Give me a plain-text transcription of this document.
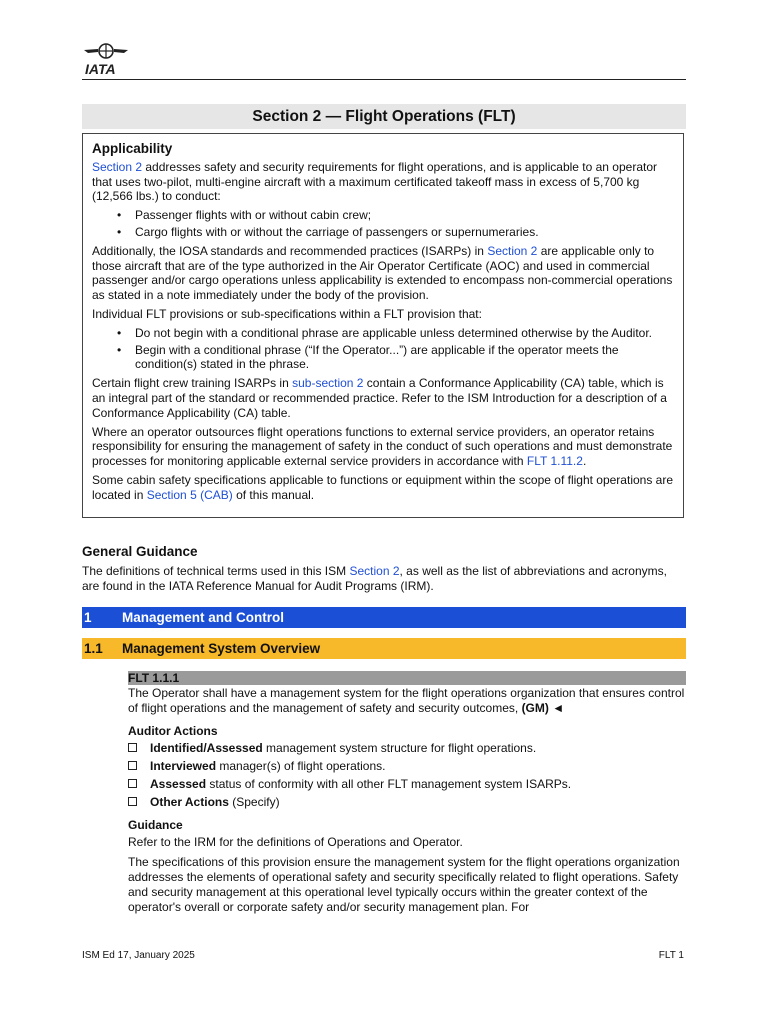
IATA
Section 2 — Flight Operations (FLT)
Applicability

Section 2 addresses safety and security requirements for flight operations, and is applicable to an operator that uses two-pilot, multi-engine aircraft with a maximum certificated takeoff mass in excess of 5,700 kg (12,566 lbs.) to conduct:

• Passenger flights with or without cabin crew;
• Cargo flights with or without the carriage of passengers or supernumeraries.

Additionally, the IOSA standards and recommended practices (ISARPs) in Section 2 are applicable only to those aircraft that are of the type authorized in the Air Operator Certificate (AOC) and used in commercial passenger and/or cargo operations unless applicability is extended to encompass non-commercial operations as stated in a note immediately under the body of the provision.

Individual FLT provisions or sub-specifications within a FLT provision that:

• Do not begin with a conditional phrase are applicable unless determined otherwise by the Auditor.
• Begin with a conditional phrase (“If the Operator...”) are applicable if the operator meets the condition(s) stated in the phrase.

Certain flight crew training ISARPs in sub-section 2 contain a Conformance Applicability (CA) table, which is an integral part of the standard or recommended practice. Refer to the ISM Introduction for a description of a Conformance Applicability (CA) table.

Where an operator outsources flight operations functions to external service providers, an operator retains responsibility for ensuring the management of safety in the conduct of such operations and must demonstrate processes for monitoring applicable external service providers in accordance with FLT 1.11.2.

Some cabin safety specifications applicable to functions or equipment within the scope of flight operations are located in Section 5 (CAB) of this manual.

General Guidance

The definitions of technical terms used in this ISM Section 2, as well as the list of abbreviations and acronyms, are found in the IATA Reference Manual for Audit Programs (IRM).

1 Management and Control
1.1 Management System Overview
FLT 1.1.1

The Operator shall have a management system for the flight operations organization that ensures control of flight operations and the management of safety and security outcomes, (GM) ◄

Auditor Actions
Identified/Assessed management system structure for flight operations.
Interviewed manager(s) of flight operations.
Assessed status of conformity with all other FLT management system ISARPs.
Other Actions (Specify)
Guidance

Refer to the IRM for the definitions of Operations and Operator.

The specifications of this provision ensure the management system for the flight operations organization addresses the elements of operational safety and security specifically related to flight operations. Safety and security management at this operational level typically occurs within the greater context of the operator's overall or corporate safety and/or security management plan. For

ISM Ed 17, January 2025	FLT 1
